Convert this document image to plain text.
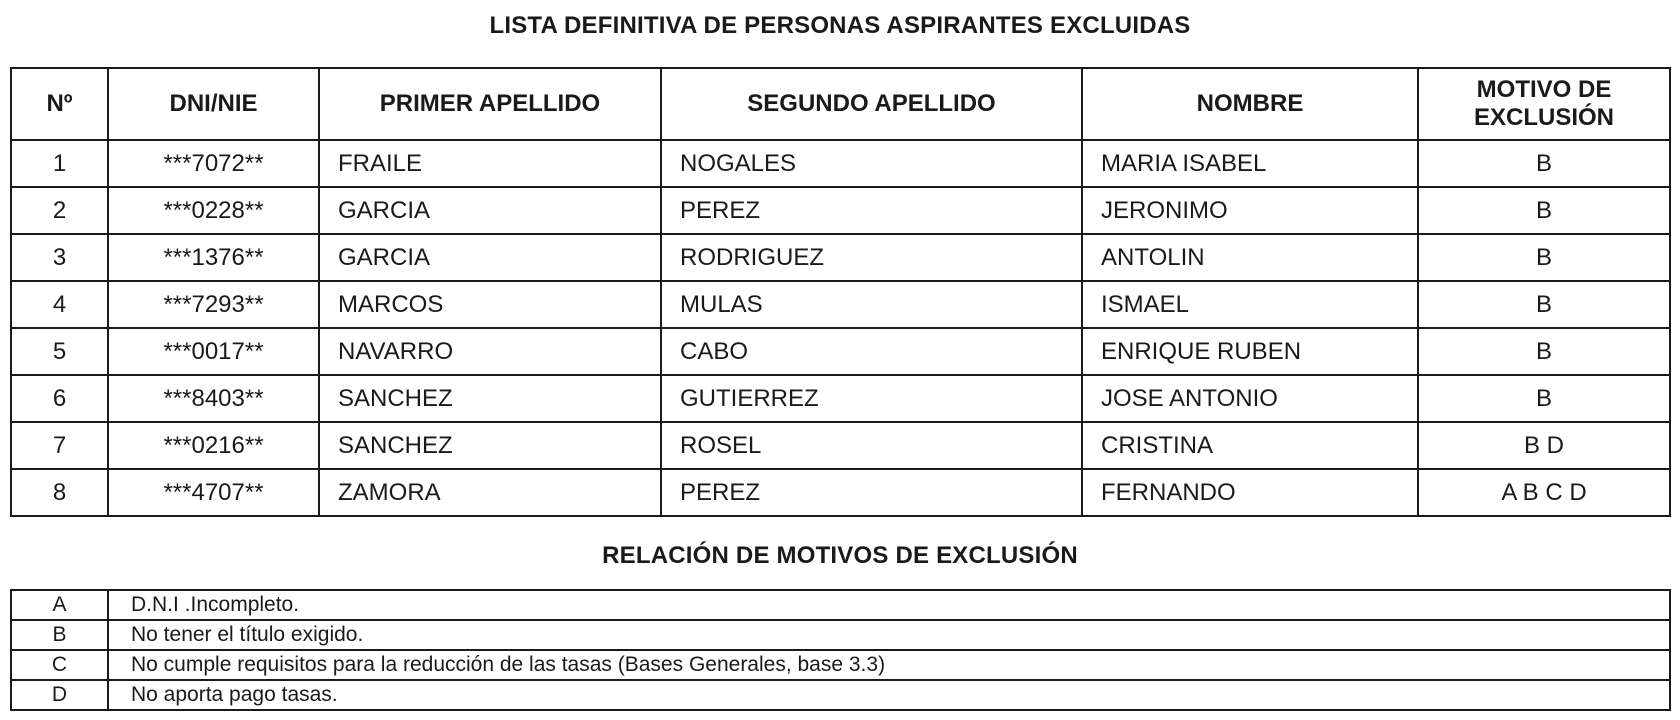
LISTA DEFINITIVA DE PERSONAS ASPIRANTES EXCLUIDAS
Nº	DNI/NIE	PRIMER APELLIDO	SEGUNDO APELLIDO	NOMBRE	MOTIVO DE
EXCLUSIÓN
1	***7072**	FRAILE	NOGALES	MARIA ISABEL	B
2	***0228**	GARCIA	PEREZ	JERONIMO	B
3	***1376**	GARCIA	RODRIGUEZ	ANTOLIN	B
4	***7293**	MARCOS	MULAS	ISMAEL	B
5	***0017**	NAVARRO	CABO	ENRIQUE RUBEN	B
6	***8403**	SANCHEZ	GUTIERREZ	JOSE ANTONIO	B
7	***0216**	SANCHEZ	ROSEL	CRISTINA	B D
8	***4707**	ZAMORA	PEREZ	FERNANDO	A B C D
RELACIÓN DE MOTIVOS DE EXCLUSIÓN
A	D.N.I .Incompleto.
B	No tener el título exigido.
C	No cumple requisitos para la reducción de las tasas (Bases Generales, base 3.3)
D	No aporta pago tasas.
